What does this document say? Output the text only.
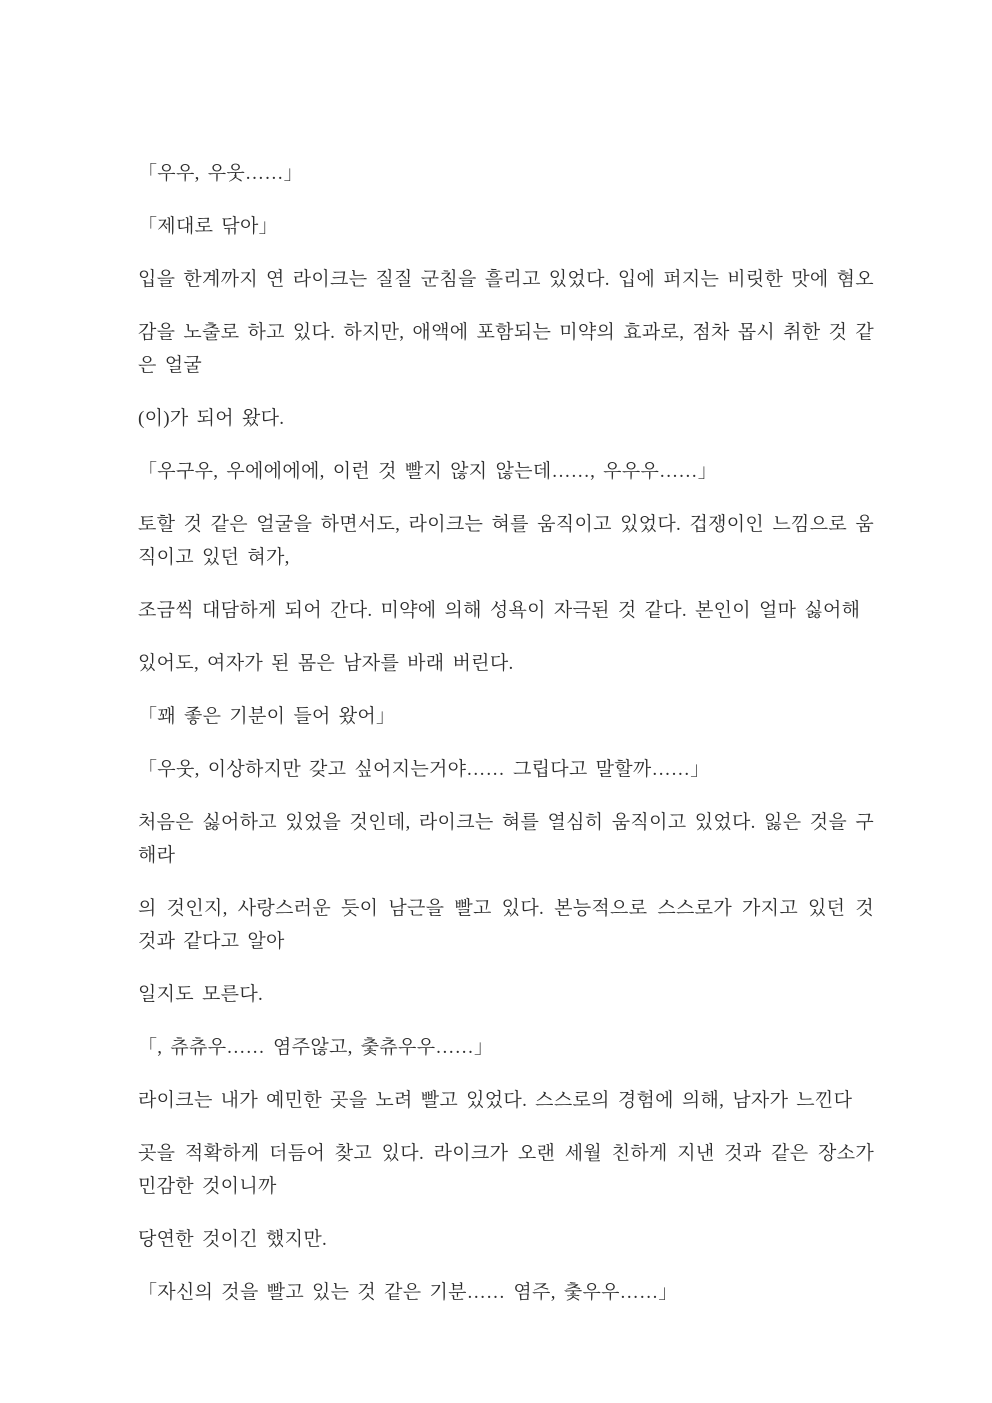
「우우, 우웃……」

「제대로 닦아」

입을 한계까지 연 라이크는 질질 군침을 흘리고 있었다. 입에 퍼지는 비릿한 맛에 혐오

감을 노출로 하고 있다. 하지만, 애액에 포함되는 미약의 효과로, 점차 몹시 취한 것 같은 얼굴

(이)가 되어 왔다.

「우구우, 우에에에에, 이런 것 빨지 않지 않는데……, 우우우……」

토할 것 같은 얼굴을 하면서도, 라이크는 혀를 움직이고 있었다. 겁쟁이인 느낌으로 움직이고 있던 혀가,

조금씩 대담하게 되어 간다. 미약에 의해 성욕이 자극된 것 같다. 본인이 얼마 싫어해

있어도, 여자가 된 몸은 남자를 바래 버린다.

「꽤 좋은 기분이 들어 왔어」

「우웃, 이상하지만 갖고 싶어지는거야…… 그립다고 말할까……」

처음은 싫어하고 있었을 것인데, 라이크는 혀를 열심히 움직이고 있었다. 잃은 것을 구해라

의 것인지, 사랑스러운 듯이 남근을 빨고 있다. 본능적으로 스스로가 가지고 있던 것 것과 같다고 알아

일지도 모른다.

「, 츄츄우…… 염주않고, 춫츄우우……」

라이크는 내가 예민한 곳을 노려 빨고 있었다. 스스로의 경험에 의해, 남자가 느낀다

곳을 적확하게 더듬어 찾고 있다. 라이크가 오랜 세월 친하게 지낸 것과 같은 장소가 민감한 것이니까

당연한 것이긴 했지만.

「자신의 것을 빨고 있는 것 같은 기분…… 염주, 춫우우……」
